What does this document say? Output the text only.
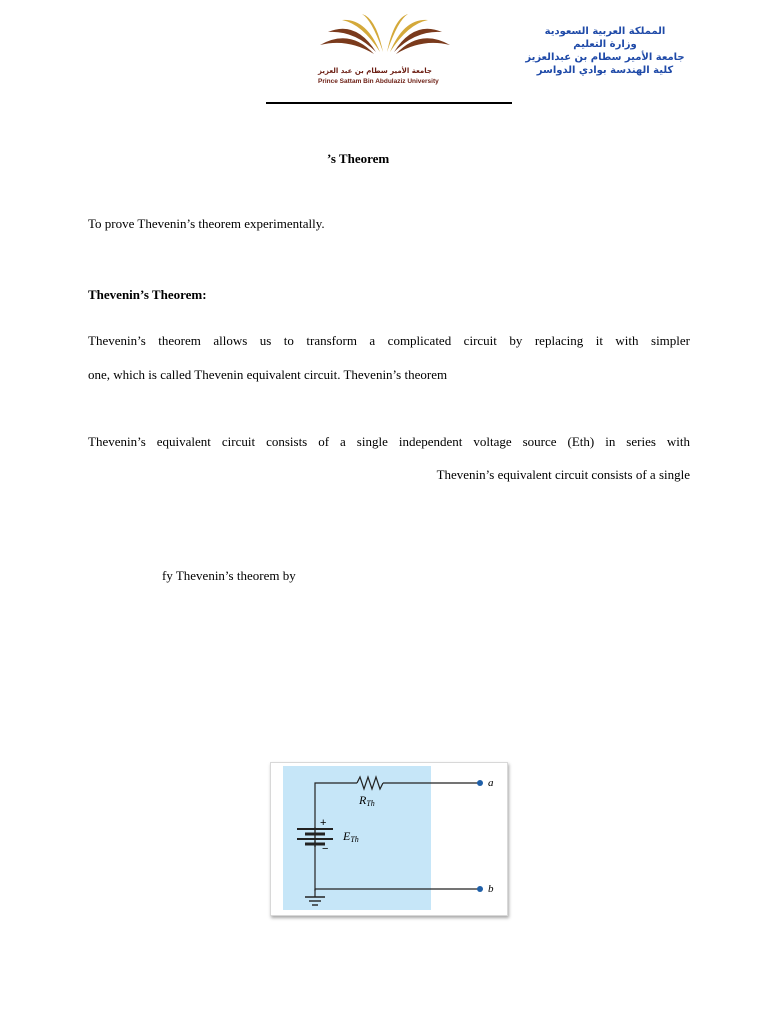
جامعة الأمير سطام بن عبد العزيز
Prince Sattam Bin Abdulaziz University
المملكة العربية السعودية
وزارة التعليم
جامعة الأمير سطام بن عبدالعزيز
كلية الهندسة بوادي الدواسر
’s Theorem
To prove Thevenin’s theorem experimentally.
Thevenin’s Theorem:
Thevenin’s theorem allows us to transform a complicated circuit by replacing it with simpler
one, which is called Thevenin equivalent circuit. Thevenin’s theorem
Thevenin’s equivalent circuit consists of a single independent voltage source (Eth) in series with
Thevenin’s equivalent circuit consists of a single
fy Thevenin’s theorem by
RTh
ETh
+
−
a
b
